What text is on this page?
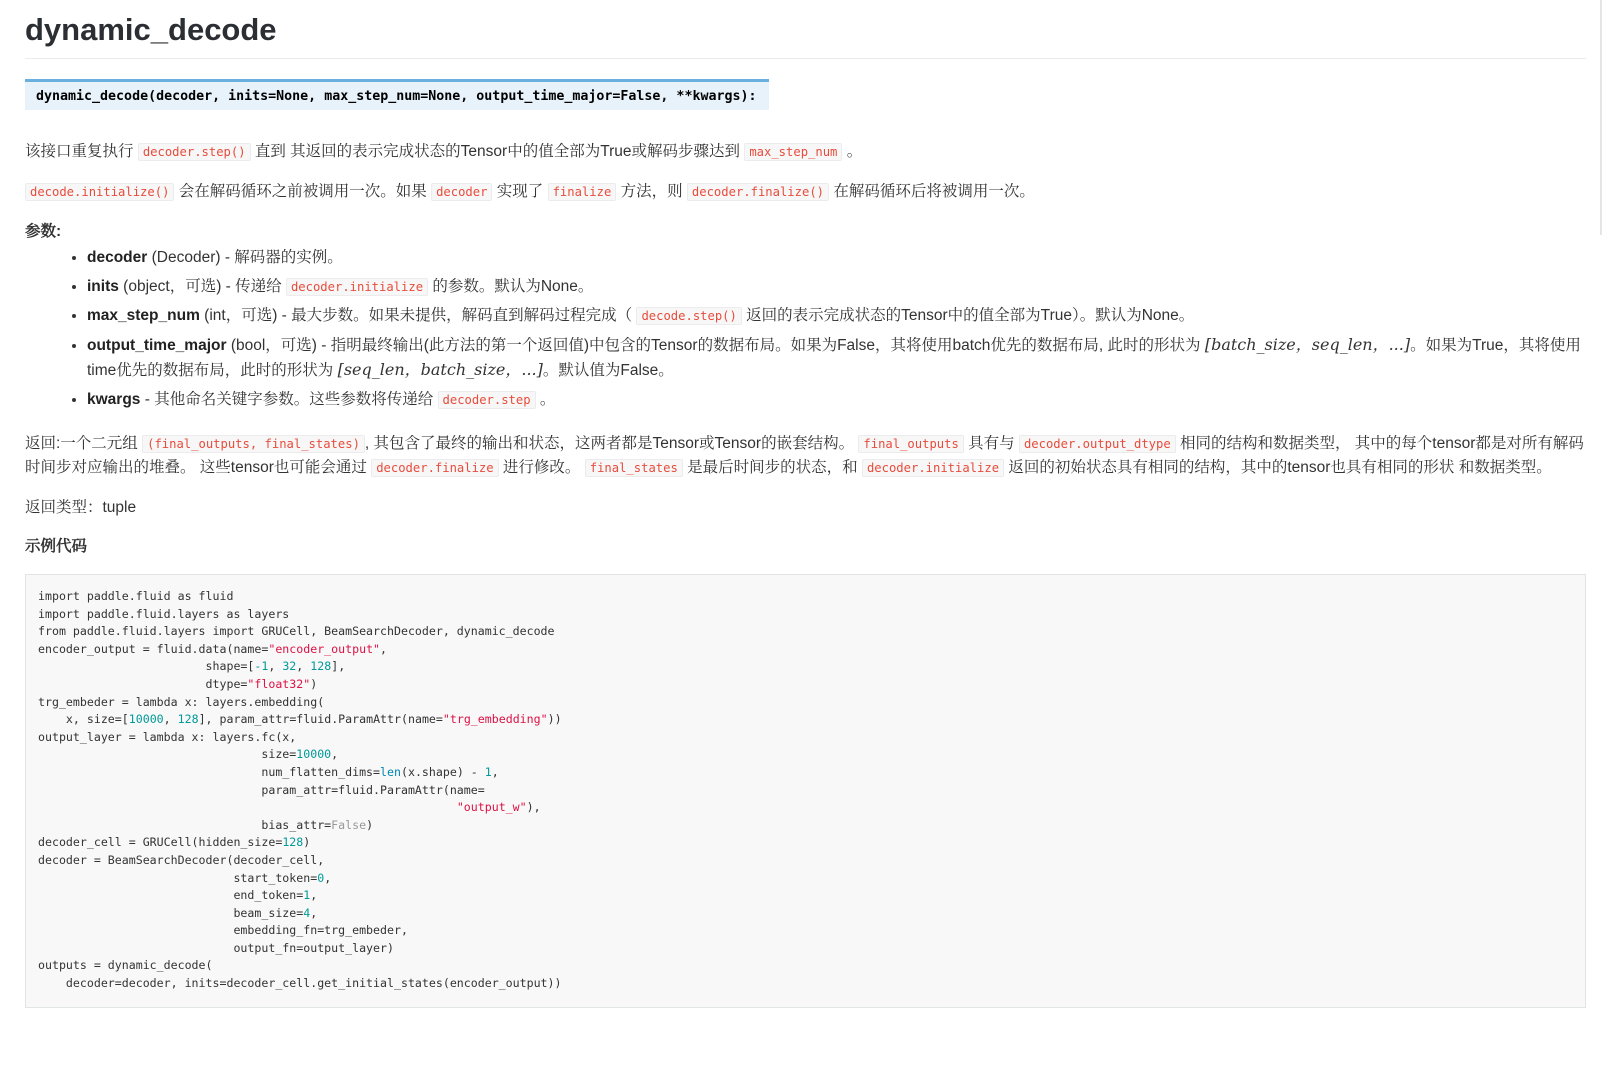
dynamic_decode
dynamic_decode(decoder, inits=None, max_step_num=None, output_time_major=False, **kwargs):

该接口重复执行 decoder.step() 直到 其返回的表示完成状态的Tensor中的值全部为True或解码步骤达到 max_step_num 。

decode.initialize() 会在解码循环之前被调用一次。如果 decoder 实现了 finalize 方法，则 decoder.finalize() 在解码循环后将被调用一次。

参数:

• decoder (Decoder) - 解码器的实例。
• inits (object，可选) - 传递给 decoder.initialize 的参数。默认为None。
• max_step_num (int，可选) - 最大步数。如果未提供，解码直到解码过程完成（ decode.step() 返回的表示完成状态的Tensor中的值全部为True）。默认为None。
• output_time_major (bool，可选) - 指明最终输出(此方法的第一个返回值)中包含的Tensor的数据布局。如果为False，其将使用batch优先的数据布局, 此时的形状为 [batch_size，seq_len，...]。如果为True，其将使用time优先的数据布局，此时的形状为 [seq_len，batch_size，...]。默认值为False。
• kwargs - 其他命名关键字参数。这些参数将传递给 decoder.step 。

返回:一个二元组 (final_outputs, final_states) , 其包含了最终的输出和状态，这两者都是Tensor或Tensor的嵌套结构。 final_outputs 具有与 decoder.output_dtype 相同的结构和数据类型， 其中的每个tensor都是对所有解码时间步对应输出的堆叠。 这些tensor也可能会通过 decoder.finalize 进行修改。 final_states 是最后时间步的状态，和 decoder.initialize 返回的初始状态具有相同的结构，其中的tensor也具有相同的形状 和数据类型。

返回类型：tuple

示例代码

import paddle.fluid as fluid
import paddle.fluid.layers as layers
from paddle.fluid.layers import GRUCell, BeamSearchDecoder, dynamic_decode
encoder_output = fluid.data(name="encoder_output",
shape=[-1, 32, 128],
dtype="float32")
trg_embeder = lambda x: layers.embedding(
x, size=[10000, 128], param_attr=fluid.ParamAttr(name="trg_embedding"))
output_layer = lambda x: layers.fc(x,
size=10000,
num_flatten_dims=len(x.shape) - 1,
param_attr=fluid.ParamAttr(name=
"output_w"),
bias_attr=False)
decoder_cell = GRUCell(hidden_size=128)
decoder = BeamSearchDecoder(decoder_cell,
start_token=0,
end_token=1,
beam_size=4,
embedding_fn=trg_embeder,
output_fn=output_layer)
outputs = dynamic_decode(
decoder=decoder, inits=decoder_cell.get_initial_states(encoder_output))
